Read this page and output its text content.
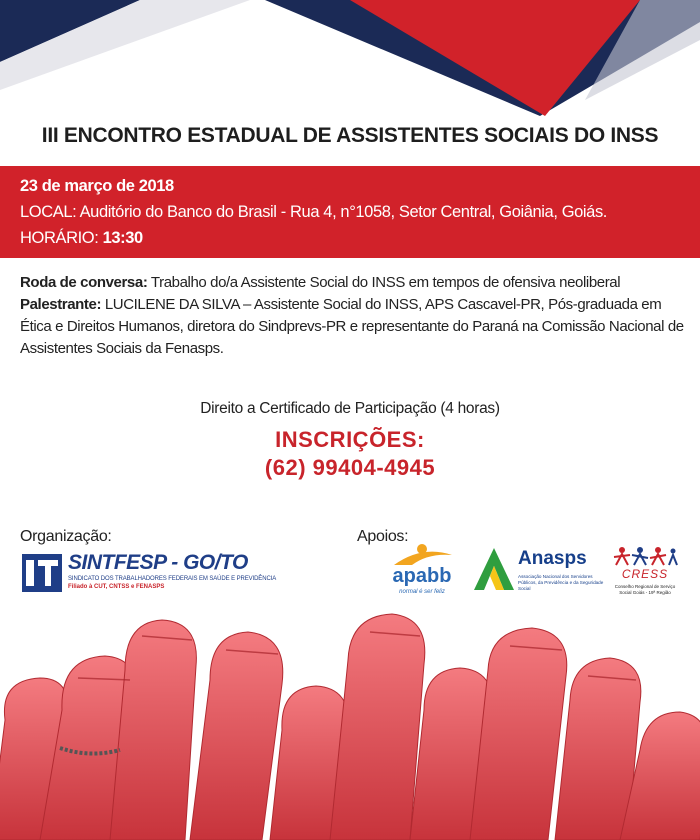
III ENCONTRO ESTADUAL DE ASSISTENTES SOCIAIS DO INSS
23 de março de 2018
LOCAL: Auditório do Banco do Brasil - Rua 4, n°1058, Setor Central, Goiânia, Goiás.
HORÁRIO: 13:30
Roda de conversa: Trabalho do/a Assistente Social do INSS em tempos de ofensiva neoliberal
Palestrante: LUCILENE DA SILVA – Assistente Social do INSS, APS Cascavel-PR, Pós-graduada em Ética e Direitos Humanos, diretora do Sindprevs-PR e representante do Paraná na Comissão Nacional de Assistentes Sociais da Fenasps.
Direito a Certificado de Participação (4 horas)
INSCRIÇÕES:
(62) 99404-4945
Organização:	Apoios:
SINTFESP - GO/TO
SINDICATO DOS TRABALHADORES FEDERAIS EM SAÚDE E PREVIDÊNCIA
Filiado à CUT, CNTSS e FENASPS	apabb
normal é ser feliz
Anasps
Associação Nacional dos Servidores Públicos, da Previdência e da Seguridade Social
CRESS
Conselho Regional de Serviço Social Goiás - 19ª Região
